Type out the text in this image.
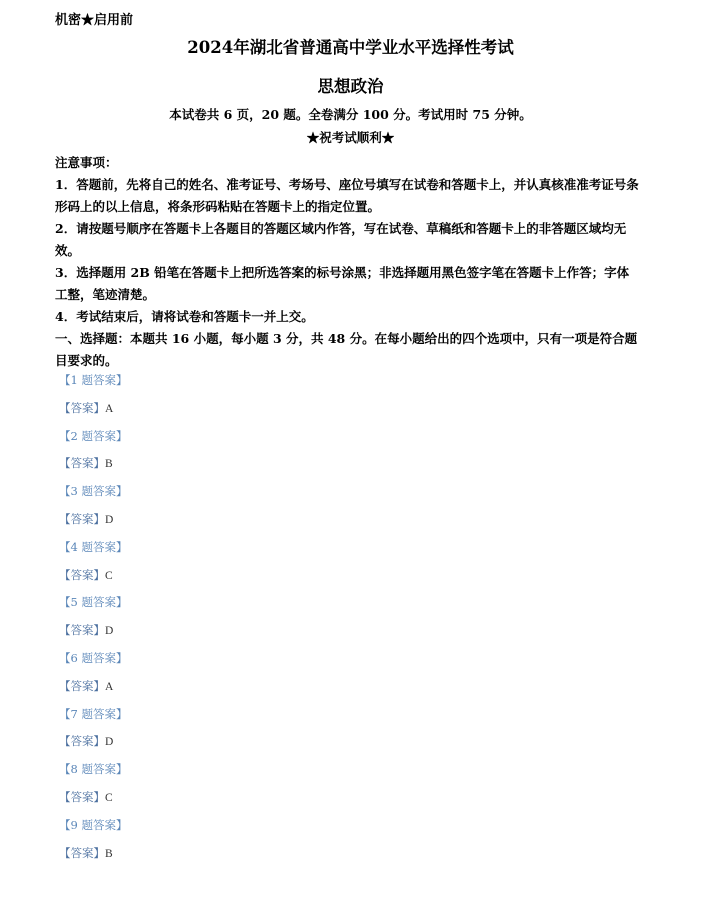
机密★启用前
2024年湖北省普通高中学业水平选择性考试
思想政治
本试卷共 6 页，20 题。全卷满分 100 分。考试用时 75 分钟。
★祝考试顺利★

注意事项：

1．答题前，先将自己的姓名、准考证号、考场号、座位号填写在试卷和答题卡上，并认真核准准考证号条形码上的以上信息，将条形码粘贴在答题卡上的指定位置。

2．请按题号顺序在答题卡上各题目的答题区域内作答，写在试卷、草稿纸和答题卡上的非答题区域均无效。

3．选择题用 2B 铅笔在答题卡上把所选答案的标号涂黑；非选择题用黑色签字笔在答题卡上作答；字体工整，笔迹清楚。

4．考试结束后，请将试卷和答题卡一并上交。

一、选择题：本题共 16 小题，每小题 3 分，共 48 分。在每小题给出的四个选项中，只有一项是符合题目要求的。

【1 题答案】
【答案】A
【2 题答案】
【答案】B
【3 题答案】
【答案】D
【4 题答案】
【答案】C
【5 题答案】
【答案】D
【6 题答案】
【答案】A
【7 题答案】
【答案】D
【8 题答案】
【答案】C
【9 题答案】
【答案】B
